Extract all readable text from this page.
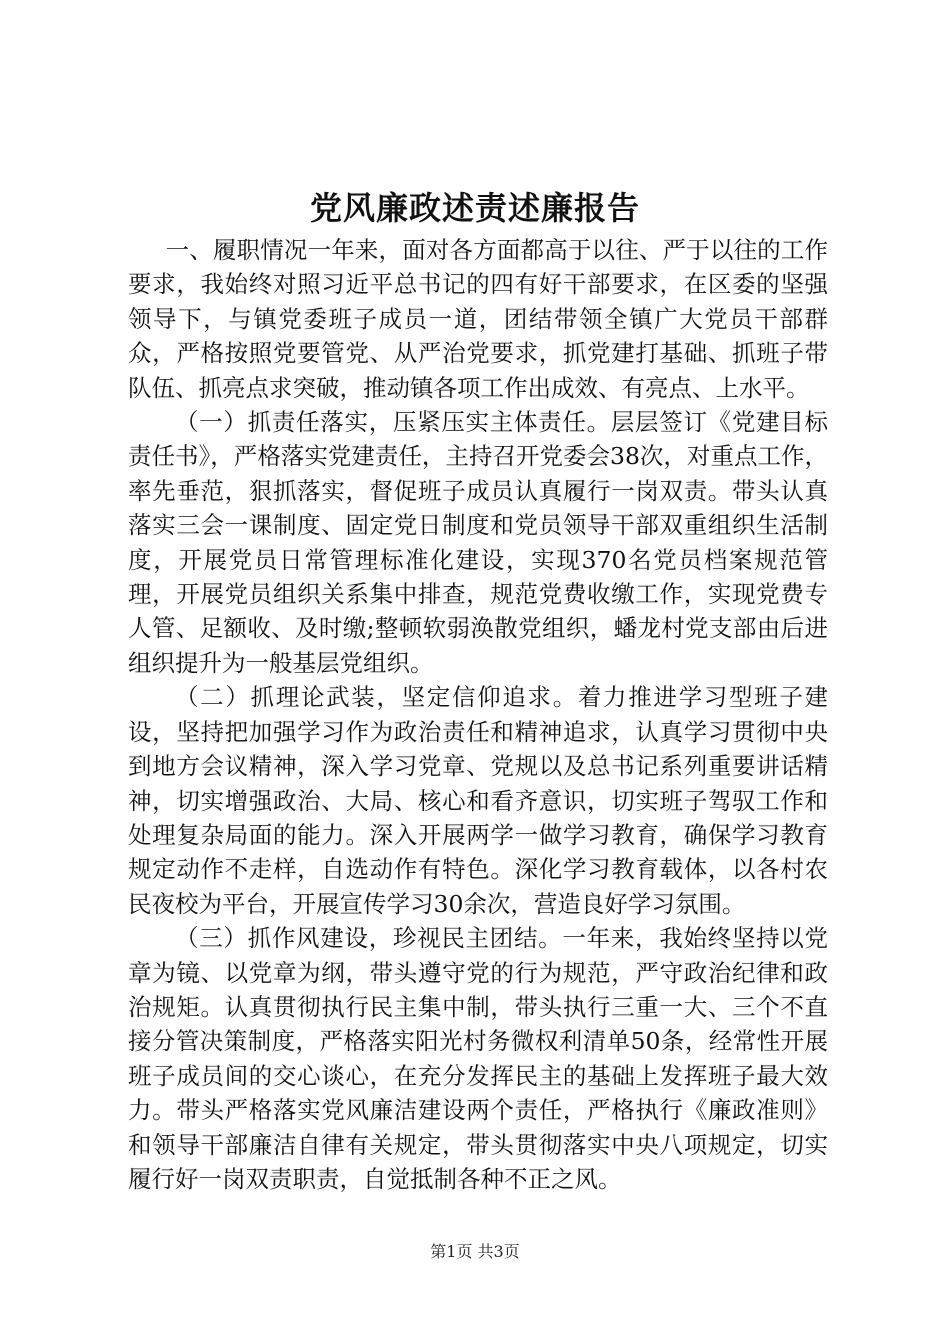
党风廉政述责述廉报告

一、履职情况一年来，面对各方面都高于以往、严于以往的工作要求，我始终对照习近平总书记的四有好干部要求，在区委的坚强领导下，与镇党委班子成员一道，团结带领全镇广大党员干部群众，严格按照党要管党、从严治党要求，抓党建打基础、抓班子带队伍、抓亮点求突破，推动镇各项工作出成效、有亮点、上水平。

（一）抓责任落实，压紧压实主体责任。层层签订《党建目标责任书》，严格落实党建责任，主持召开党委会38次，对重点工作，率先垂范，狠抓落实，督促班子成员认真履行一岗双责。带头认真落实三会一课制度、固定党日制度和党员领导干部双重组织生活制度，开展党员日常管理标准化建设，实现370名党员档案规范管理，开展党员组织关系集中排查，规范党费收缴工作，实现党费专人管、足额收、及时缴;整顿软弱涣散党组织，蟠龙村党支部由后进组织提升为一般基层党组织。

（二）抓理论武装，坚定信仰追求。着力推进学习型班子建设，坚持把加强学习作为政治责任和精神追求，认真学习贯彻中央到地方会议精神，深入学习党章、党规以及总书记系列重要讲话精神，切实增强政治、大局、核心和看齐意识，切实班子驾驭工作和处理复杂局面的能力。深入开展两学一做学习教育，确保学习教育规定动作不走样，自选动作有特色。深化学习教育载体，以各村农民夜校为平台，开展宣传学习30余次，营造良好学习氛围。

（三）抓作风建设，珍视民主团结。一年来，我始终坚持以党章为镜、以党章为纲，带头遵守党的行为规范，严守政治纪律和政治规矩。认真贯彻执行民主集中制，带头执行三重一大、三个不直接分管决策制度，严格落实阳光村务微权利清单50条，经常性开展班子成员间的交心谈心，在充分发挥民主的基础上发挥班子最大效力。带头严格落实党风廉洁建设两个责任，严格执行《廉政准则》和领导干部廉洁自律有关规定，带头贯彻落实中央八项规定，切实履行好一岗双责职责，自觉抵制各种不正之风。

第1页 共3页
